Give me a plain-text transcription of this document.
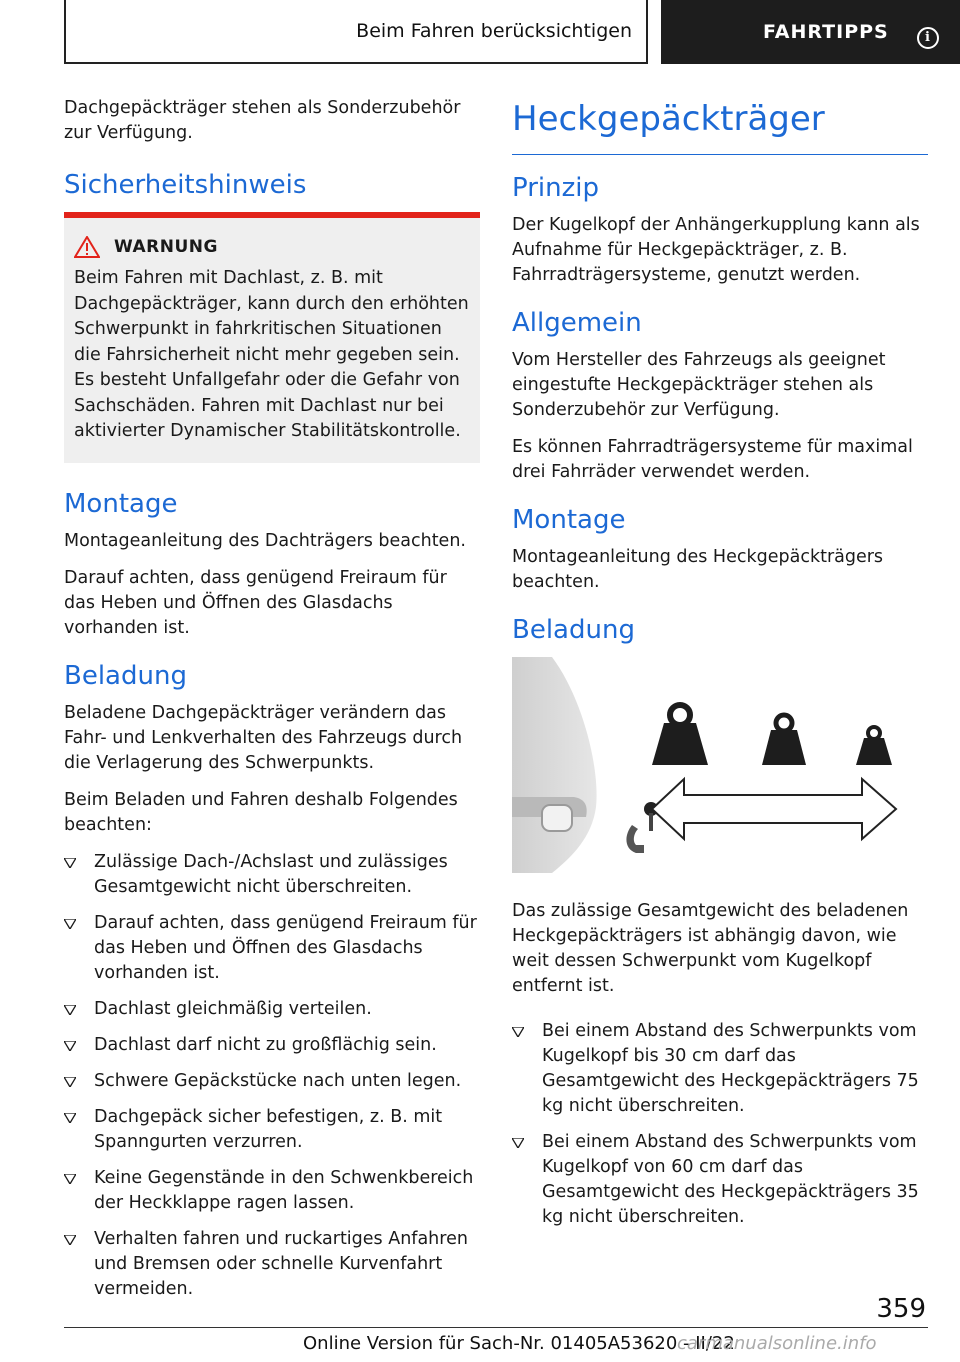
Beim Fahren berücksichtigen	FAHRTIPPS	i

Dachgepäckträger stehen als Sonderzubehör zur Verfügung.

Sicherheitshinweis
WARNUNG

Beim Fahren mit Dachlast, z. B. mit Dachgepäckträger, kann durch den erhöhten Schwerpunkt in fahrkritischen Situationen die Fahrsicherheit nicht mehr gegeben sein. Es besteht Unfallgefahr oder die Gefahr von Sachschäden. Fahren mit Dachlast nur bei aktivierter Dynamischer Stabilitätskontrolle.

Montage

Montageanleitung des Dachträgers beachten.

Darauf achten, dass genügend Freiraum für das Heben und Öffnen des Glasdachs vorhanden ist.

Beladung

Beladene Dachgepäckträger verändern das Fahr- und Lenkverhalten des Fahrzeugs durch die Verlagerung des Schwerpunkts.

Beim Beladen und Fahren deshalb Folgendes beachten:

Zulässige Dach-/Achslast und zulässiges Gesamtgewicht nicht überschreiten.
Darauf achten, dass genügend Freiraum für das Heben und Öffnen des Glasdachs vorhanden ist.
Dachlast gleichmäßig verteilen.
Dachlast darf nicht zu großflächig sein.
Schwere Gepäckstücke nach unten legen.
Dachgepäck sicher befestigen, z. B. mit Spanngurten verzurren.
Keine Gegenstände in den Schwenkbereich der Heckklappe ragen lassen.
Verhalten fahren und ruckartiges Anfahren und Bremsen oder schnelle Kurvenfahrt vermeiden.
Heckgepäckträger
Prinzip

Der Kugelkopf der Anhängerkupplung kann als Aufnahme für Heckgepäckträger, z. B. Fahrradträgersysteme, genutzt werden.

Allgemein

Vom Hersteller des Fahrzeugs als geeignet eingestufte Heckgepäckträger stehen als Sonderzubehör zur Verfügung.

Es können Fahrradträgersysteme für maximal drei Fahrräder verwendet werden.

Montage

Montageanleitung des Heckgepäckträgers beachten.

Beladung

Das zulässige Gesamtgewicht des beladenen Heckgepäckträgers ist abhängig davon, wie weit dessen Schwerpunkt vom Kugelkopf entfernt ist.

Bei einem Abstand des Schwerpunkts vom Kugelkopf bis 30 cm darf das Gesamtgewicht des Heckgepäckträgers 75 kg nicht überschreiten.
Bei einem Abstand des Schwerpunkts vom Kugelkopf von 60 cm darf das Gesamtgewicht des Heckgepäckträgers 35 kg nicht überschreiten.
359
Online Version für Sach-Nr. 01405A53620 - II/22
carmanualsonline.info
